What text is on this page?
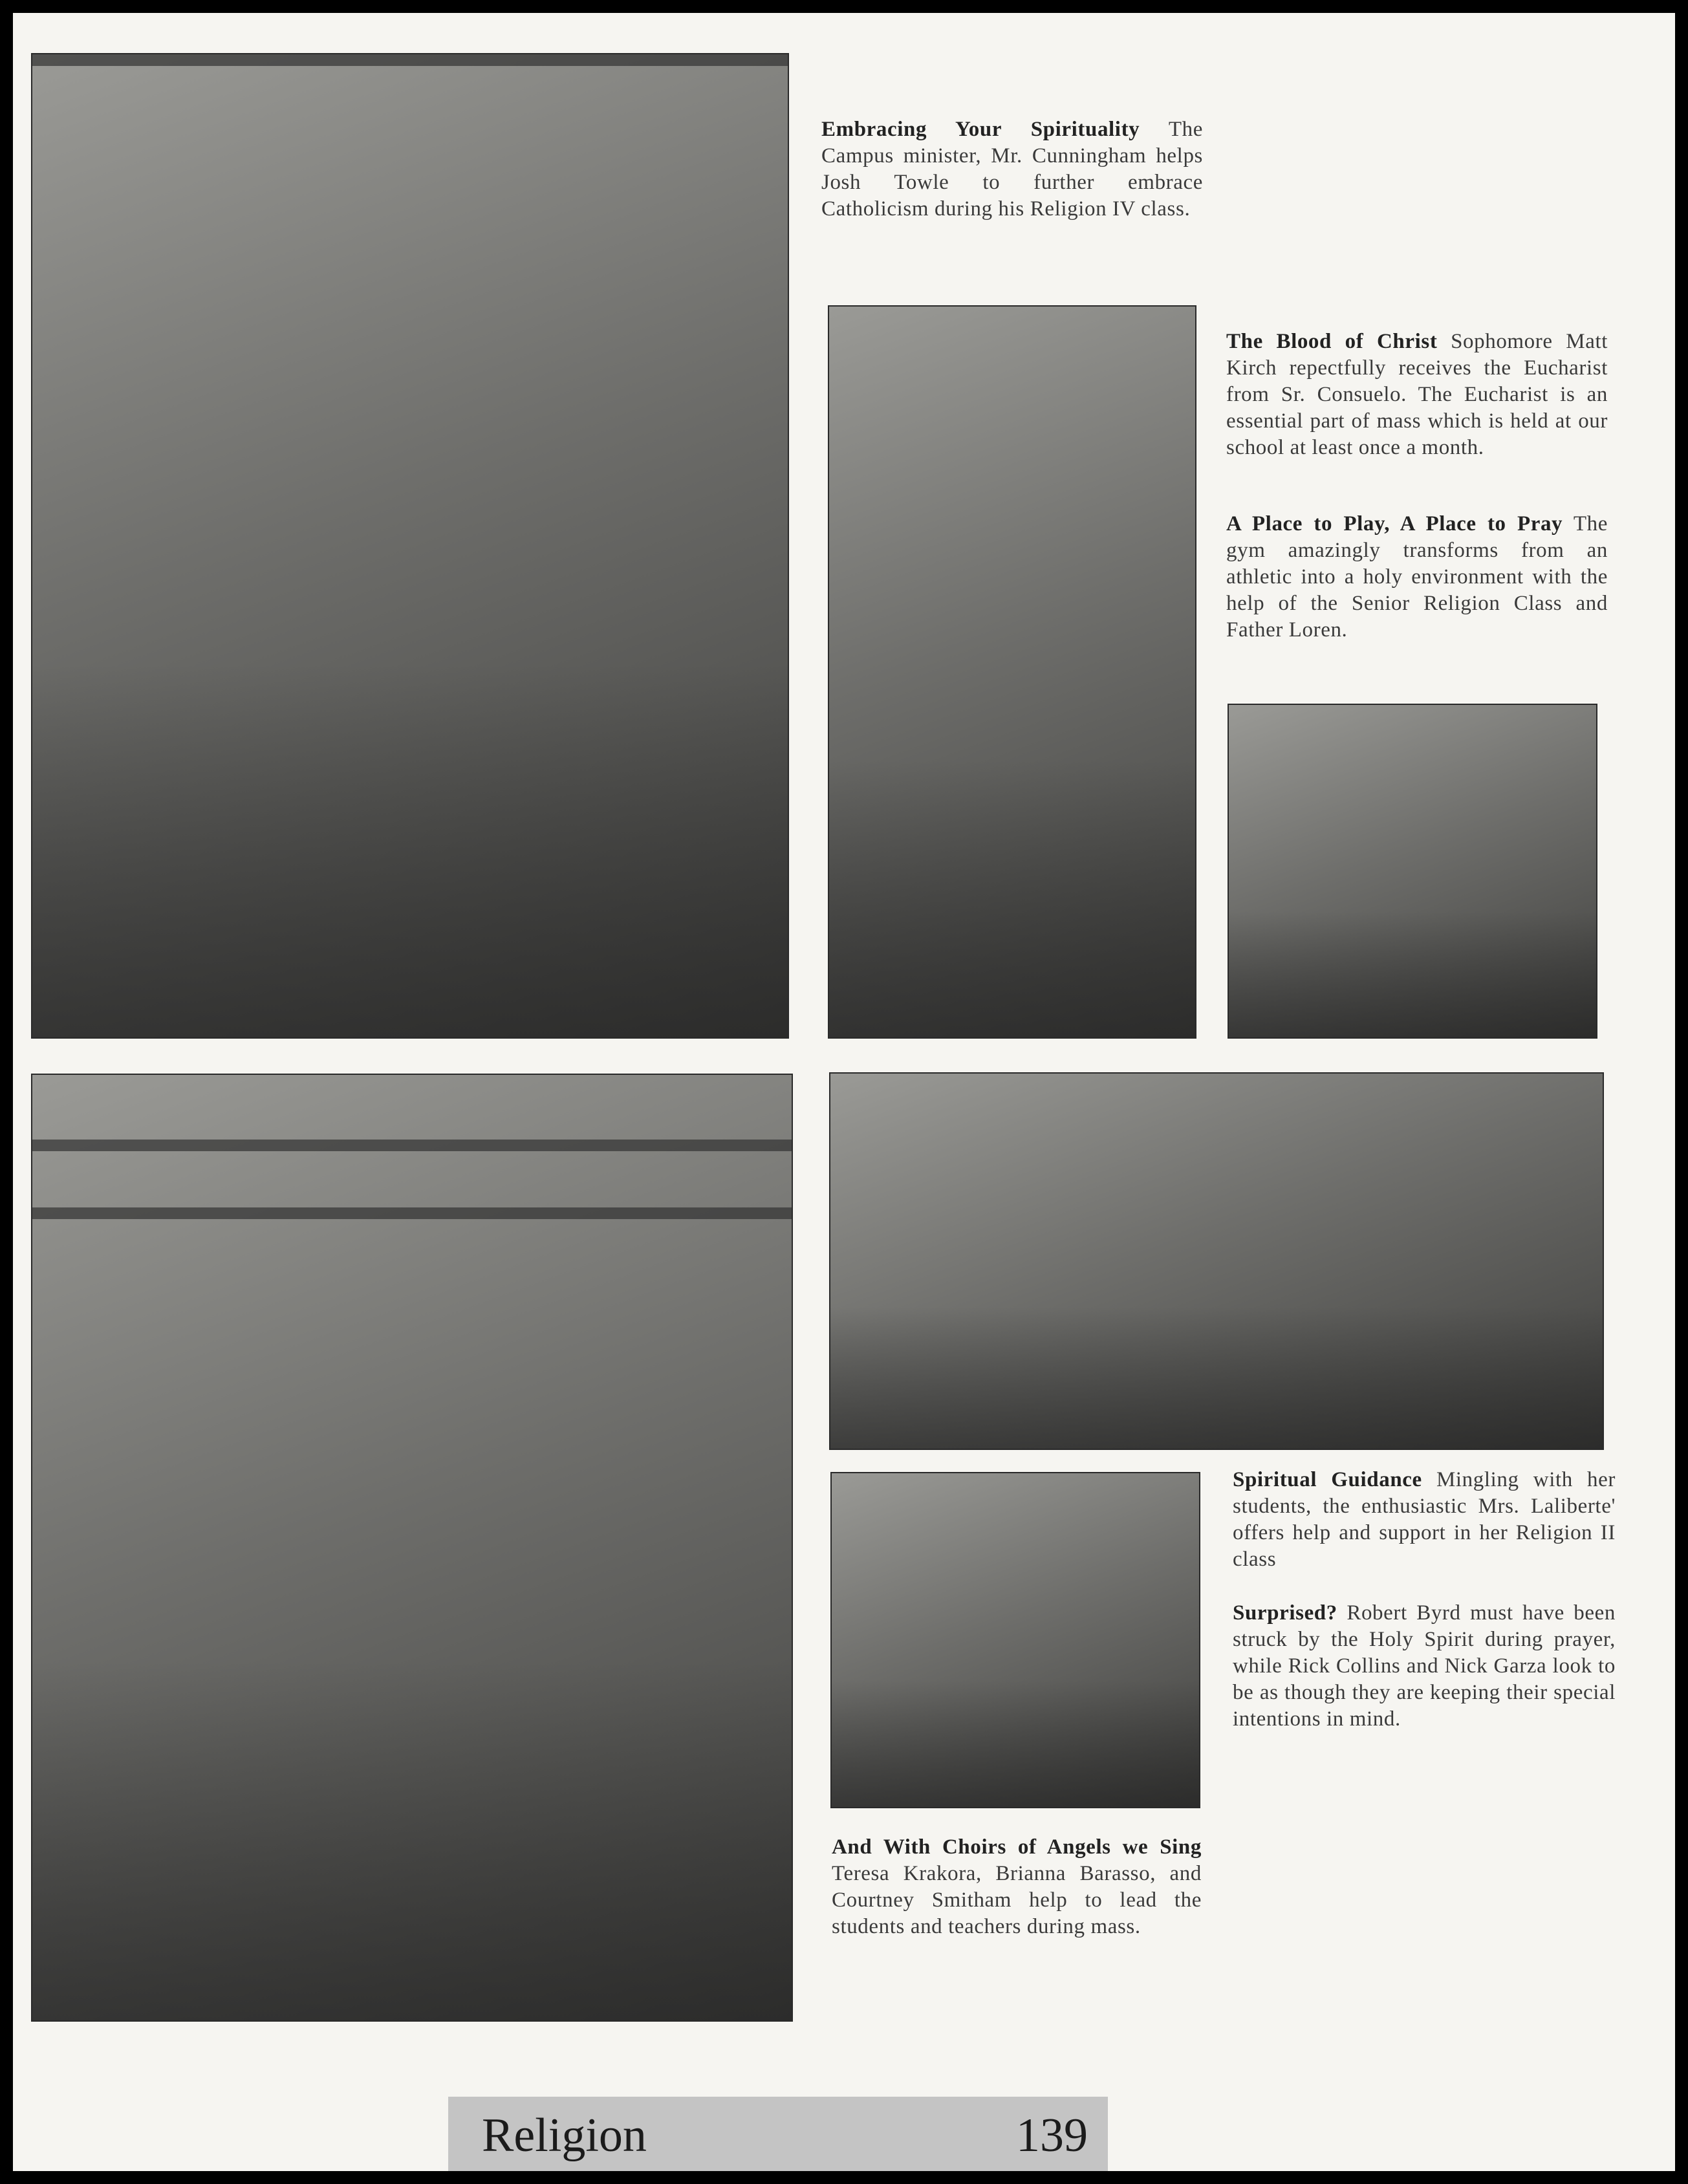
Embracing Your Spirituality The Campus minister, Mr. Cunningham helps Josh Towle to further embrace Catholicism during his Religion IV class.
The Blood of Christ Sophomore Matt Kirch repectfully receives the Eucharist from Sr. Consuelo. The Eucharist is an essential part of mass which is held at our school at least once a month.
A Place to Play, A Place to Pray The gym amazingly transforms from an athletic into a holy environment with the help of the Senior Religion Class and Father Loren.
Spiritual Guidance Mingling with her students, the enthusiastic Mrs. Laliberte' offers help and support in her Religion II class
Surprised? Robert Byrd must have been struck by the Holy Spirit during prayer, while Rick Collins and Nick Garza look to be as though they are keeping their special intentions in mind.
And With Choirs of Angels we Sing Teresa Krakora, Brianna Barasso, and Courtney Smitham help to lead the students and teachers during mass.
Religion	139
